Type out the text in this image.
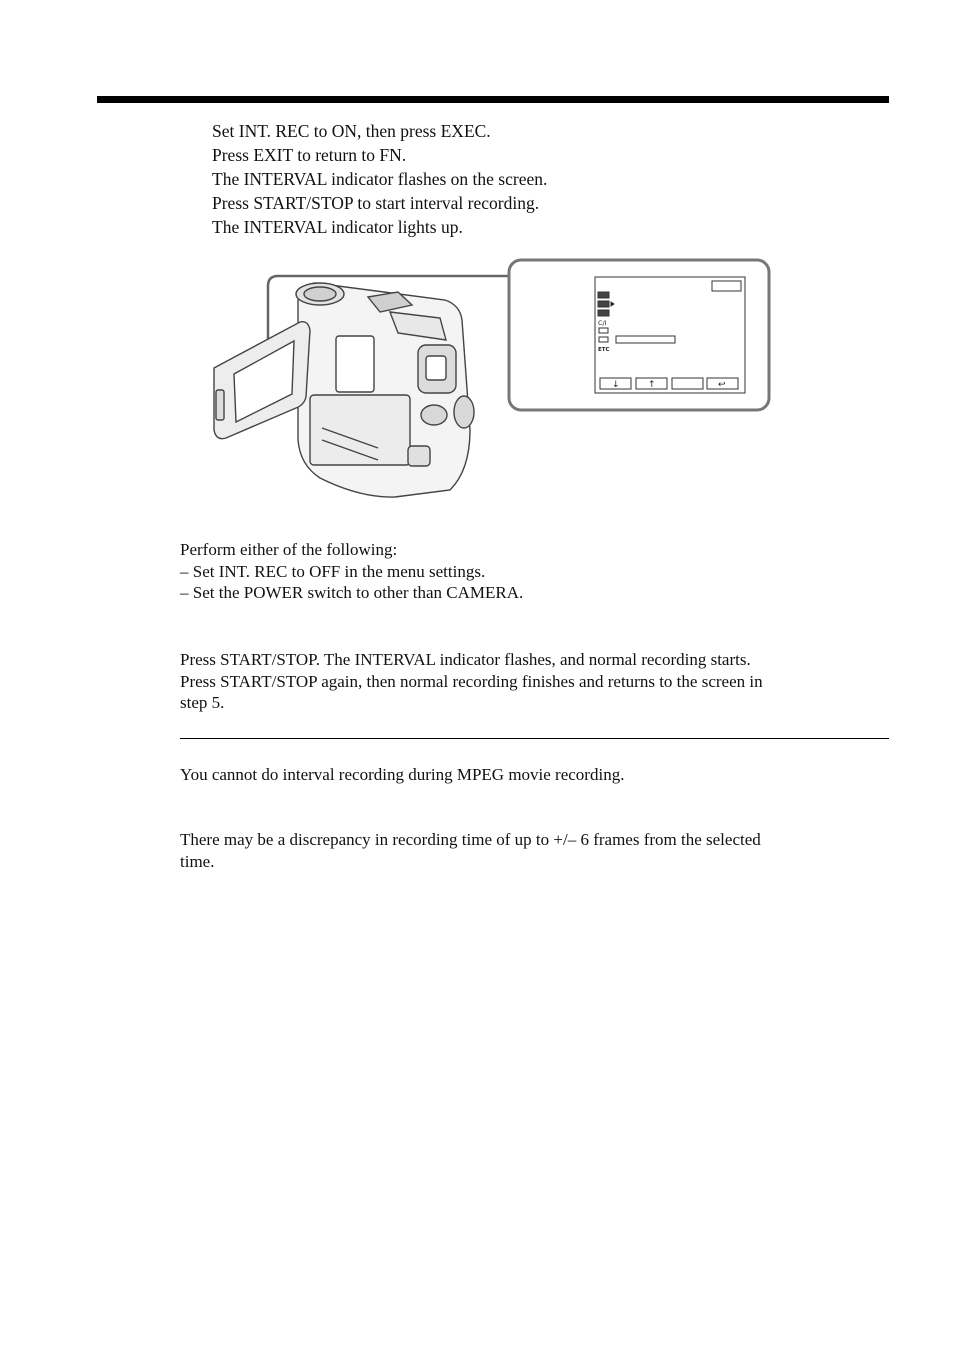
Set INT. REC to ON, then press EXEC.
Press EXIT to return to FN.
The INTERVAL indicator flashes on the screen.
Press START/STOP to start interval recording.
The INTERVAL indicator lights up.
C/I
ETC
↓	↑	↩
Perform either of the following:
– Set INT. REC to OFF in the menu settings.
– Set the POWER switch to other than CAMERA.
Press START/STOP. The INTERVAL indicator flashes, and normal recording starts.
Press START/STOP again, then normal recording finishes and returns to the screen in
step 5.
You cannot do interval recording during MPEG movie recording.
There may be a discrepancy in recording time of up to +/– 6 frames from the selected
time.
